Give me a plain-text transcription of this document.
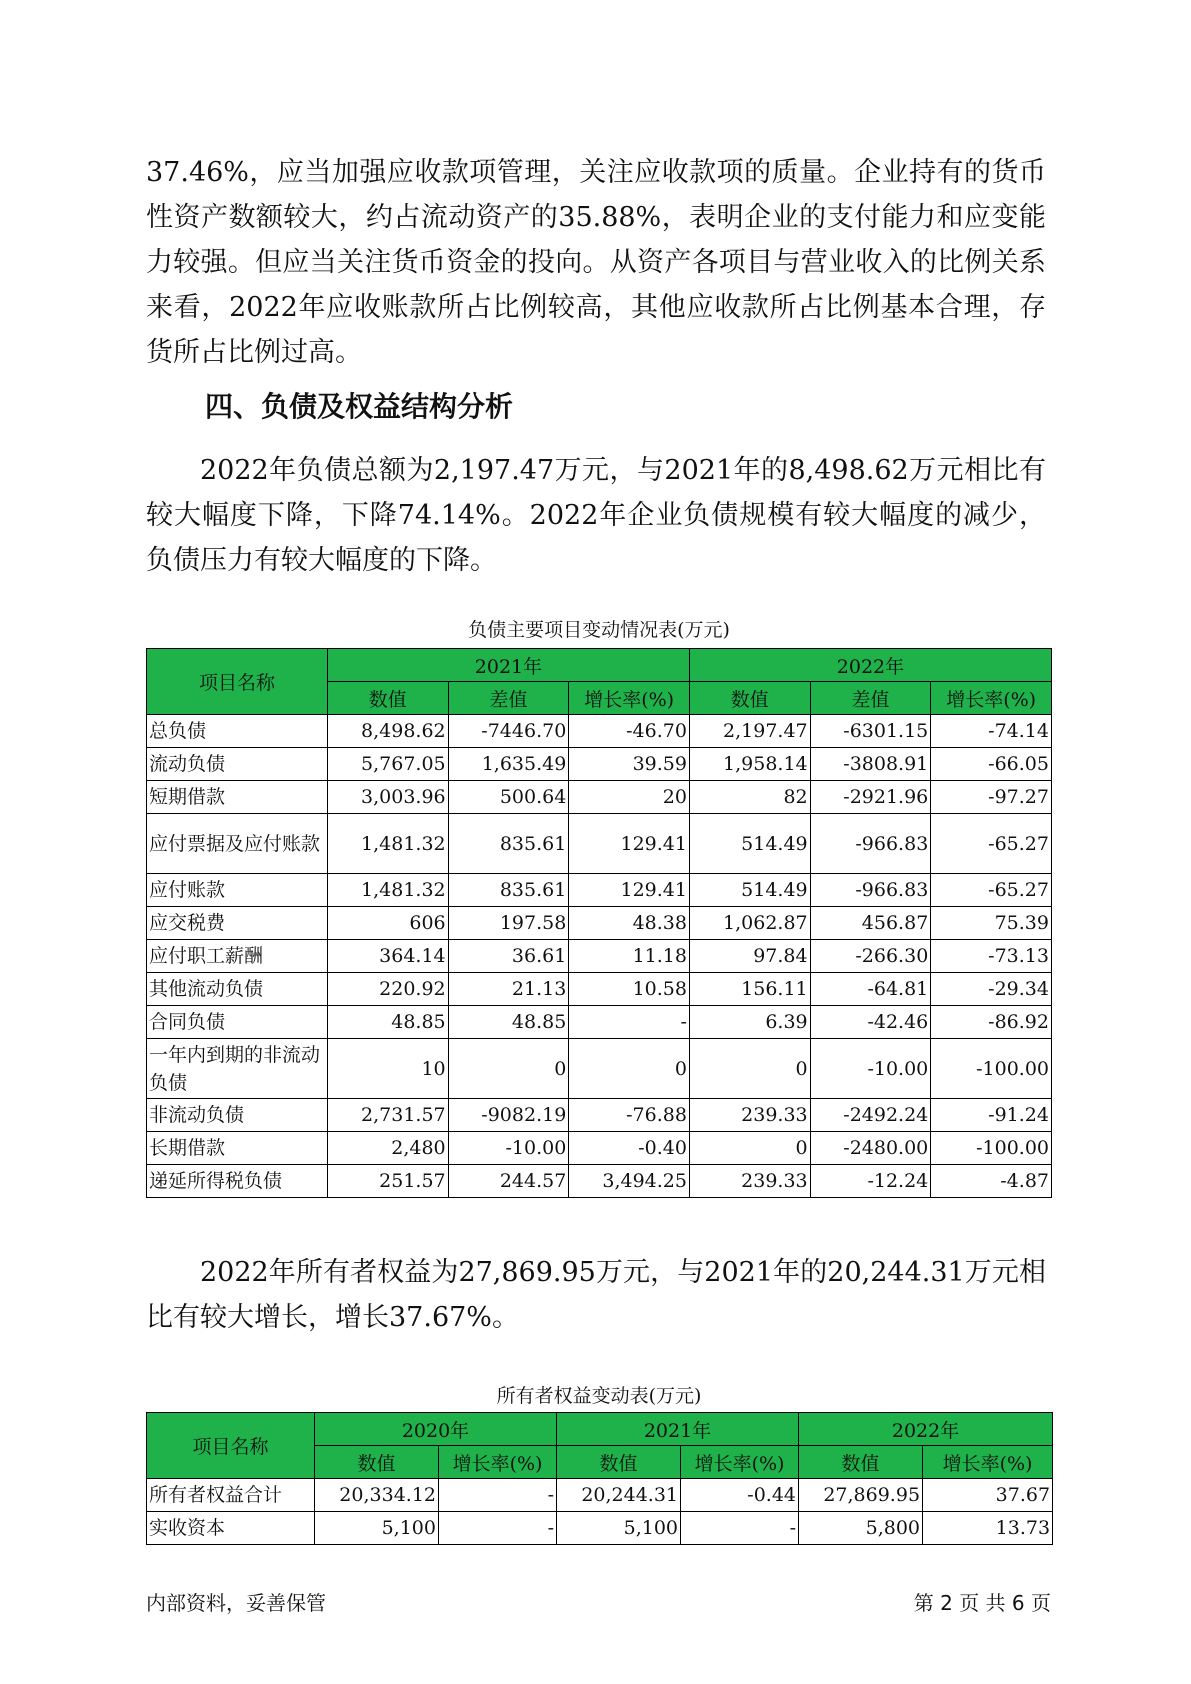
37.46%，应当加强应收款项管理，关注应收款项的质量。企业持有的货币性资产数额较大，约占流动资产的35.88%，表明企业的支付能力和应变能力较强。但应当关注货币资金的投向。从资产各项目与营业收入的比例关系来看，2022年应收账款所占比例较高，其他应收款所占比例基本合理，存货所占比例过高。

四、负债及权益结构分析

2022年负债总额为2,197.47万元，与2021年的8,498.62万元相比有较大幅度下降，下降74.14%。2022年企业负债规模有较大幅度的减少，负债压力有较大幅度的下降。

负债主要项目变动情况表(万元)

项目名称	2021年			2022年		
	数值	差值	增长率(%)	数值	差值	增长率(%)
总负债	8,498.62	-7446.70	-46.70	2,197.47	-6301.15	-74.14
流动负债	5,767.05	1,635.49	39.59	1,958.14	-3808.91	-66.05
短期借款	3,003.96	500.64	20	82	-2921.96	-97.27
应付票据及应付账款	1,481.32	835.61	129.41	514.49	-966.83	-65.27
应付账款	1,481.32	835.61	129.41	514.49	-966.83	-65.27
应交税费	606	197.58	48.38	1,062.87	456.87	75.39
应付职工薪酬	364.14	36.61	11.18	97.84	-266.30	-73.13
其他流动负债	220.92	21.13	10.58	156.11	-64.81	-29.34
合同负债	48.85	48.85	-	6.39	-42.46	-86.92
一年内到期的非流动负债	10	0	0	0	-10.00	-100.00
非流动负债	2,731.57	-9082.19	-76.88	239.33	-2492.24	-91.24
长期借款	2,480	-10.00	-0.40	0	-2480.00	-100.00
递延所得税负债	251.57	244.57	3,494.25	239.33	-12.24	-4.87

2022年所有者权益为27,869.95万元，与2021年的20,244.31万元相比有较大增长，增长37.67%。

所有者权益变动表(万元)

项目名称	2020年		2021年		2022年	
	数值	增长率(%)	数值	增长率(%)	数值	增长率(%)
所有者权益合计	20,334.12	-	20,244.31	-0.44	27,869.95	37.67
实收资本	5,100	-	5,100	-	5,800	13.73
内部资料，妥善保管	第 2 页 共 6 页
